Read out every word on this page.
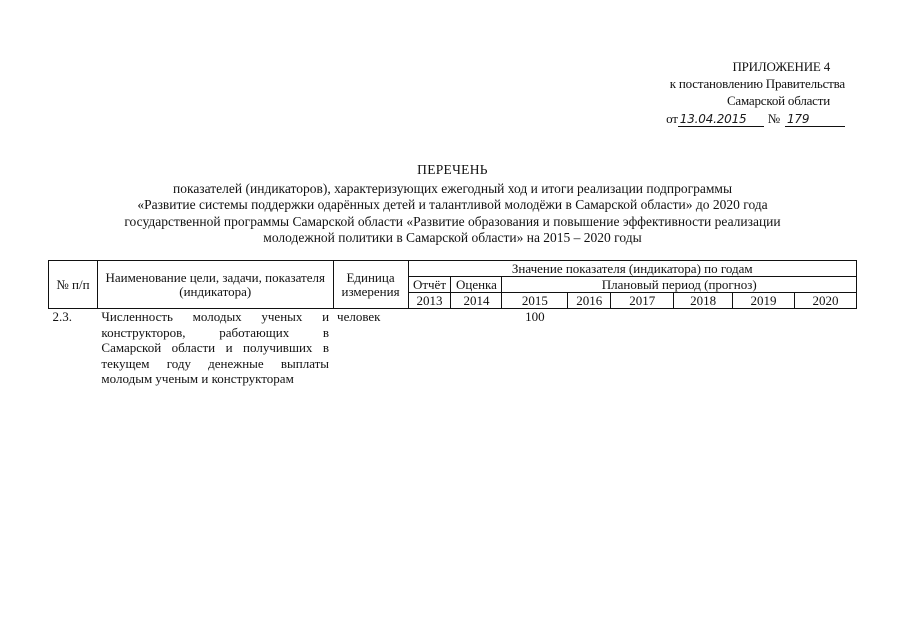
ПРИЛОЖЕНИЕ 4
к постановлению Правительства
Самарской области
от 13.04.2015	№ 179
ПЕРЕЧЕНЬ
показателей (индикаторов), характеризующих ежегодный ход и итоги реализации подпрограммы
«Развитие системы поддержки одарённых детей и талантливой молодёжи в Самарской области» до 2020 года
государственной программы Самарской области «Развитие образования и повышение эффективности реализации
молодежной политики в Самарской области» на 2015 – 2020 годы
№ п/п	Наименование цели, задачи, показателя (индикатора)	Единица измерения	Значение показателя (индикатора) по годам							
			Отчёт	Оценка	Плановый период (прогноз)					
			2013	2014	2015	2016	2017	2018	2019	2020
2.3.	Численность молодых ученых и конструкторов, работающих в Самарской области и получивших в текущем году денежные выплаты молодым ученым и конструкторам	человек			100					
